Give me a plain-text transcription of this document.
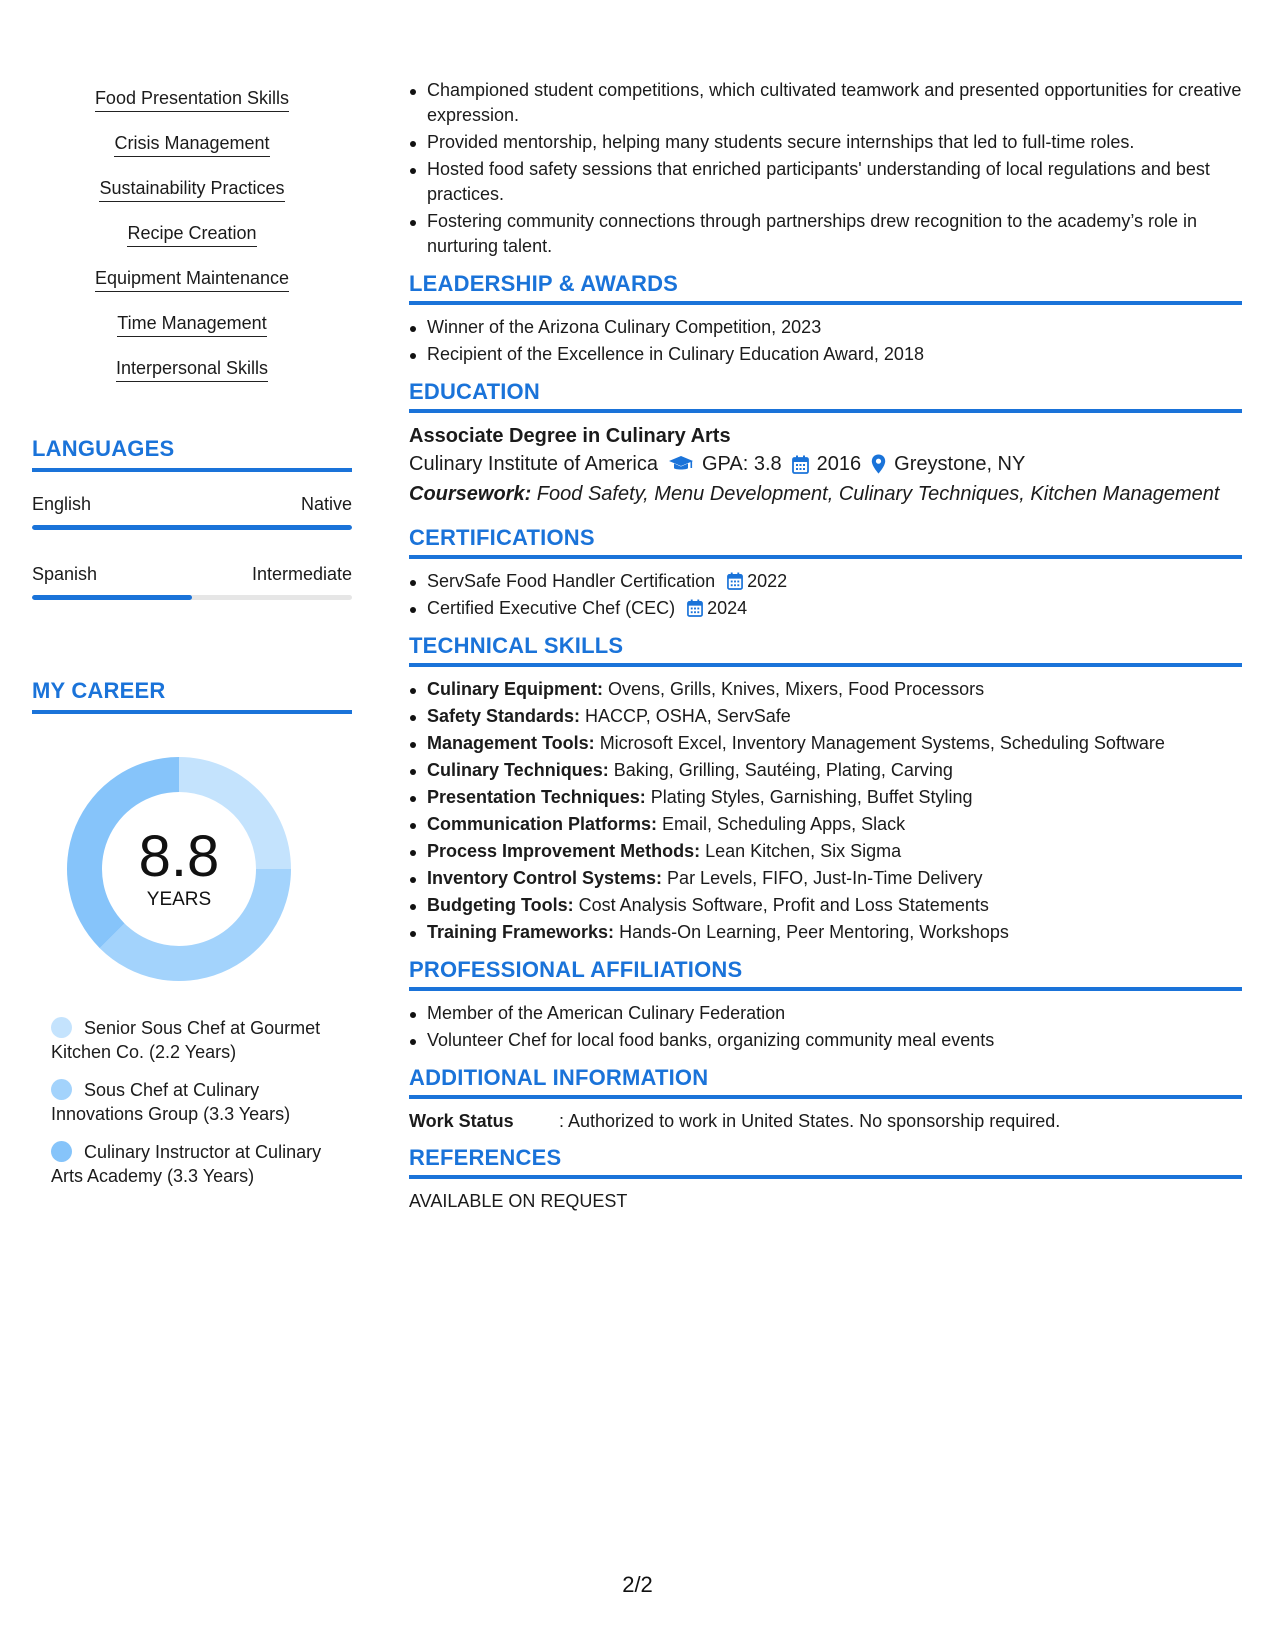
Food Presentation Skills
Crisis Management
Sustainability Practices
Recipe Creation
Equipment Maintenance
Time Management
Interpersonal Skills
LANGUAGES
English	Native
Spanish	Intermediate
MY CAREER
8.8
YEARS
Senior Sous Chef at Gourmet Kitchen Co. (2.2 Years)
Sous Chef at Culinary Innovations Group (3.3 Years)
Culinary Instructor at Culinary Arts Academy (3.3 Years)
Championed student competitions, which cultivated teamwork and presented opportunities for creative expression.
Provided mentorship, helping many students secure internships that led to full-time roles.
Hosted food safety sessions that enriched participants' understanding of local regulations and best practices.
Fostering community connections through partnerships drew recognition to the academy’s role in nurturing talent.
LEADERSHIP & AWARDS
Winner of the Arizona Culinary Competition, 2023
Recipient of the Excellence in Culinary Education Award, 2018
EDUCATION
Associate Degree in Culinary Arts
Culinary Institute of America GPA: 3.8 2016 Greystone, NY
Coursework: Food Safety, Menu Development, Culinary Techniques, Kitchen Management
CERTIFICATIONS
ServSafe Food Handler Certification 2022
Certified Executive Chef (CEC) 2024
TECHNICAL SKILLS
Culinary Equipment: Ovens, Grills, Knives, Mixers, Food Processors
Safety Standards: HACCP, OSHA, ServSafe
Management Tools: Microsoft Excel, Inventory Management Systems, Scheduling Software
Culinary Techniques: Baking, Grilling, Sautéing, Plating, Carving
Presentation Techniques: Plating Styles, Garnishing, Buffet Styling
Communication Platforms: Email, Scheduling Apps, Slack
Process Improvement Methods: Lean Kitchen, Six Sigma
Inventory Control Systems: Par Levels, FIFO, Just-In-Time Delivery
Budgeting Tools: Cost Analysis Software, Profit and Loss Statements
Training Frameworks: Hands-On Learning, Peer Mentoring, Workshops
PROFESSIONAL AFFILIATIONS
Member of the American Culinary Federation
Volunteer Chef for local food banks, organizing community meal events
ADDITIONAL INFORMATION
Work Status	: Authorized to work in United States. No sponsorship required.
REFERENCES
AVAILABLE ON REQUEST
2/2
